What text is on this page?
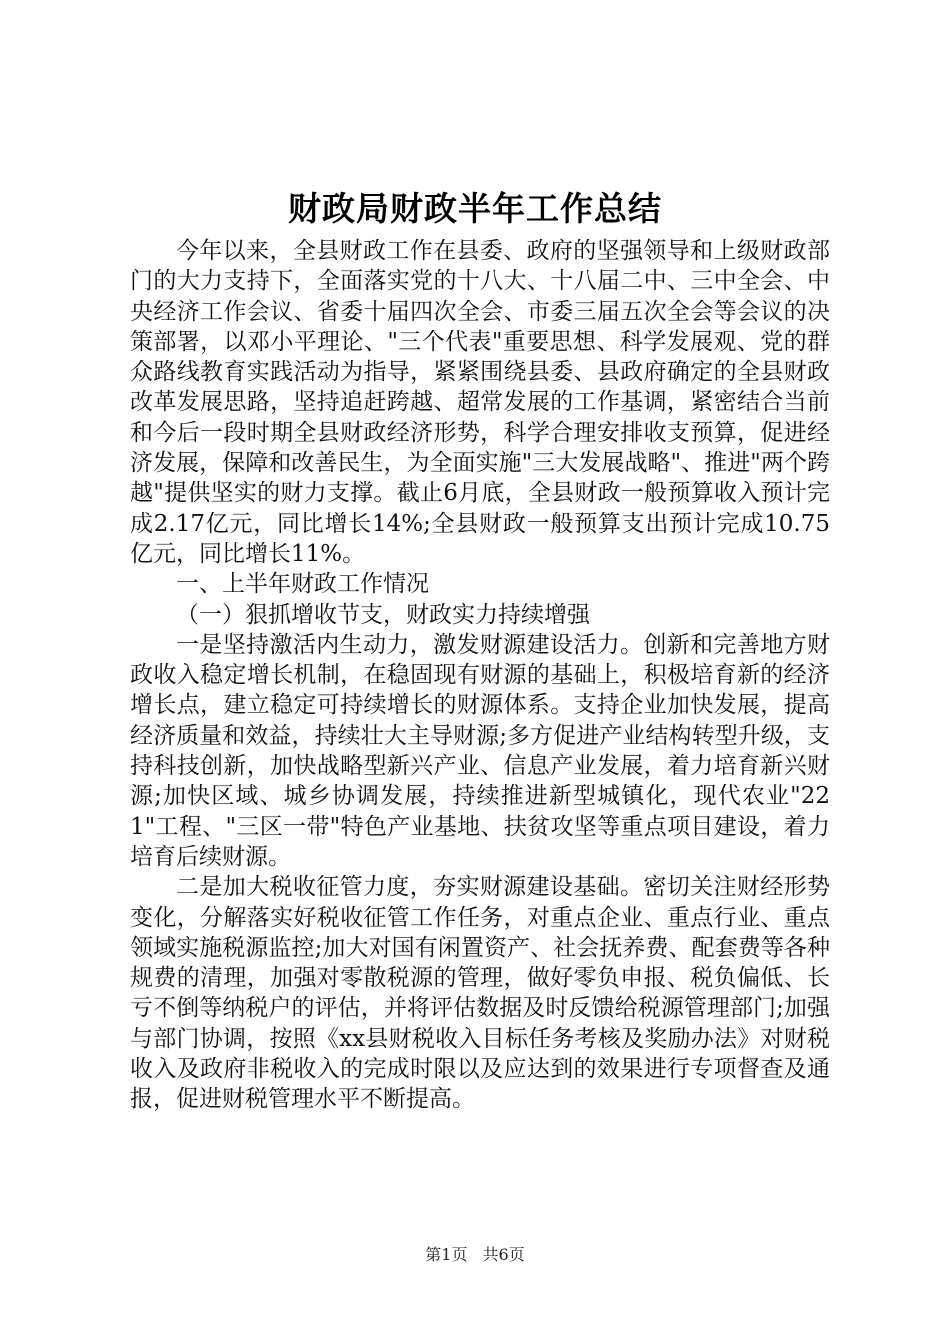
财政局财政半年工作总结

今年以来，全县财政工作在县委、政府的坚强领导和上级财政部门的大力支持下，全面落实党的十八大、十八届二中、三中全会、中央经济工作会议、省委十届四次全会、市委三届五次全会等会议的决策部署，以邓小平理论、"三个代表"重要思想、科学发展观、党的群众路线教育实践活动为指导，紧紧围绕县委、县政府确定的全县财政改革发展思路，坚持追赶跨越、超常发展的工作基调，紧密结合当前和今后一段时期全县财政经济形势，科学合理安排收支预算，促进经济发展，保障和改善民生，为全面实施"三大发展战略"、推进"两个跨越"提供坚实的财力支撑。截止6月底，全县财政一般预算收入预计完成2.17亿元，同比增长14%;全县财政一般预算支出预计完成10.75亿元，同比增长11%。

一、上半年财政工作情况

（一）狠抓增收节支，财政实力持续增强

一是坚持激活内生动力，激发财源建设活力。创新和完善地方财政收入稳定增长机制，在稳固现有财源的基础上，积极培育新的经济增长点，建立稳定可持续增长的财源体系。支持企业加快发展，提高经济质量和效益，持续壮大主导财源;多方促进产业结构转型升级，支持科技创新，加快战略型新兴产业、信息产业发展，着力培育新兴财源;加快区域、城乡协调发展，持续推进新型城镇化，现代农业"221"工程、"三区一带"特色产业基地、扶贫攻坚等重点项目建设，着力培育后续财源。

二是加大税收征管力度，夯实财源建设基础。密切关注财经形势变化，分解落实好税收征管工作任务，对重点企业、重点行业、重点领域实施税源监控;加大对国有闲置资产、社会抚养费、配套费等各种规费的清理，加强对零散税源的管理，做好零负申报、税负偏低、长亏不倒等纳税户的评估，并将评估数据及时反馈给税源管理部门;加强与部门协调，按照《xx县财税收入目标任务考核及奖励办法》对财税收入及政府非税收入的完成时限以及应达到的效果进行专项督查及通报，促进财税管理水平不断提高。

第1页 共6页
